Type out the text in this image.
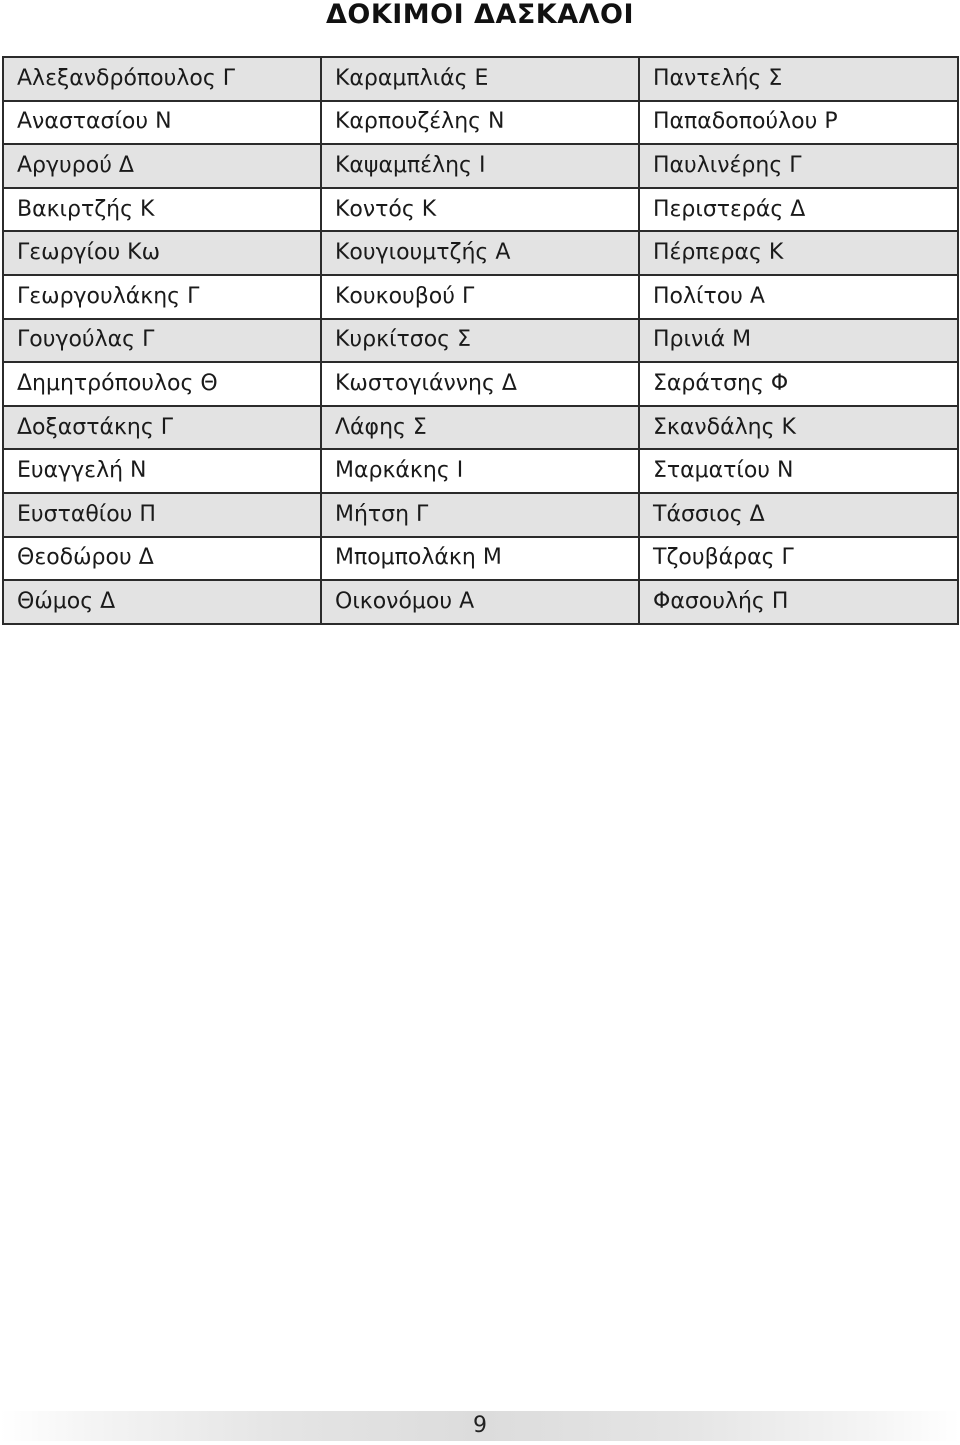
ΔΟΚΙΜΟΙ ΔΑΣΚΑΛΟΙ
Αλεξανδρόπουλος Γ	Καραμπλιάς Ε	Παντελής Σ
Αναστασίου Ν	Καρπουζέλης Ν	Παπαδοπούλου Ρ
Αργυρού Δ	Καψαμπέλης Ι	Παυλινέρης Γ
Βακιρτζής Κ	Κοντός Κ	Περιστεράς Δ
Γεωργίου Κω	Κουγιουμτζής Α	Πέρπερας Κ
Γεωργουλάκης Γ	Κουκουβού Γ	Πολίτου Α
Γουγούλας Γ	Κυρκίτσος Σ	Πρινιά Μ
Δημητρόπουλος Θ	Κωστογιάννης Δ	Σαράτσης Φ
Δοξαστάκης Γ	Λάφης Σ	Σκανδάλης Κ
Ευαγγελή Ν	Μαρκάκης Ι	Σταματίου Ν
Ευσταθίου Π	Μήτση Γ	Τάσσιος Δ
Θεοδώρου Δ	Μπομπολάκη Μ	Τζουβάρας Γ
Θώμος Δ	Οικονόμου Α	Φασουλής Π
9
